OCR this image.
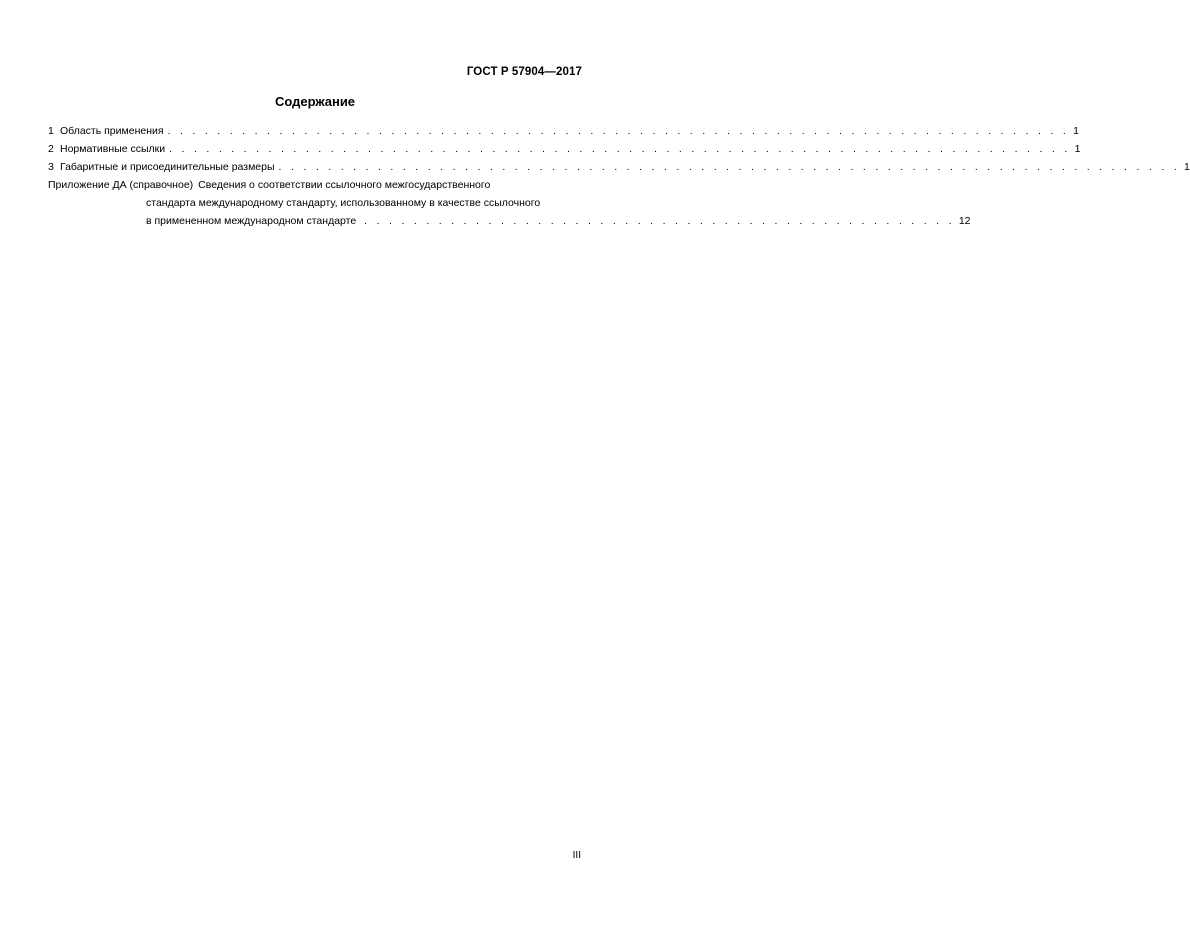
ГОСТ Р 57904—2017
Содержание
1 Область применения . . . . . . . . . . . . . . . . . . . . . . . . . . . . . . . . . . . . . . . . . . . . . . . . . . . . . . . . . . . . . . . . . . . . . . . . . 1
2 Нормативные ссылки . . . . . . . . . . . . . . . . . . . . . . . . . . . . . . . . . . . . . . . . . . . . . . . . . . . . . . . . . . . . . . . . . . . . . . . . . 1
3 Габаритные и присоединительные размеры . . . . . . . . . . . . . . . . . . . . . . . . . . . . . . . . . . . . . . . . . . . . . . . . . . . . . . . . . . . . . . . . . . . . . . . . . 1
Приложение ДА (справочное) Сведения о соответствии ссылочного межгосударственного
стандарта международному стандарту, использованному в качестве ссылочного
в примененном международном стандарте . . . . . . . . . . . . . . . . . . . . . . . . . . . . . . . . . . . . . . . . . . . . . . . . 12
III
